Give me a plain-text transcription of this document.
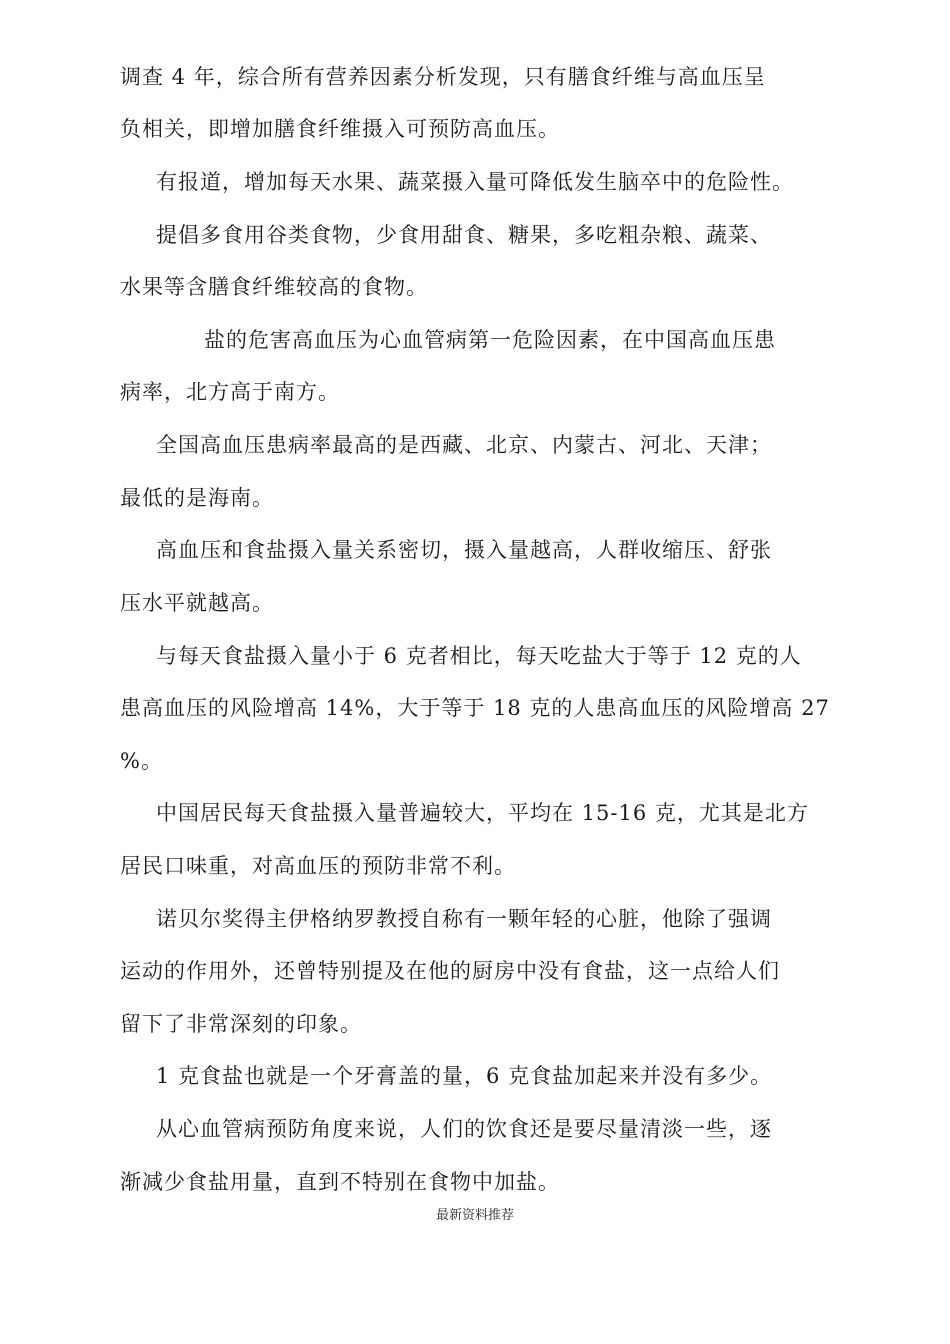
调查 4 年，综合所有营养因素分析发现，只有膳食纤维与高血压呈
负相关，即增加膳食纤维摄入可预防高血压。
有报道，增加每天水果、蔬菜摄入量可降低发生脑卒中的危险性。
提倡多食用谷类食物，少食用甜食、糖果，多吃粗杂粮、蔬菜、
水果等含膳食纤维较高的食物。
盐的危害高血压为心血管病第一危险因素，在中国高血压患
病率，北方高于南方。
全国高血压患病率最高的是西藏、北京、内蒙古、河北、天津；
最低的是海南。
高血压和食盐摄入量关系密切，摄入量越高，人群收缩压、舒张
压水平就越高。
与每天食盐摄入量小于 6 克者相比，每天吃盐大于等于 12 克的人
患高血压的风险增高 14%，大于等于 18 克的人患高血压的风险增高 27
%。
中国居民每天食盐摄入量普遍较大，平均在 15-16 克，尤其是北方
居民口味重，对高血压的预防非常不利。
诺贝尔奖得主伊格纳罗教授自称有一颗年轻的心脏，他除了强调
运动的作用外，还曾特别提及在他的厨房中没有食盐，这一点给人们
留下了非常深刻的印象。
1 克食盐也就是一个牙膏盖的量，6 克食盐加起来并没有多少。
从心血管病预防角度来说，人们的饮食还是要尽量清淡一些，逐
渐减少食盐用量，直到不特别在食物中加盐。
最新资料推荐
